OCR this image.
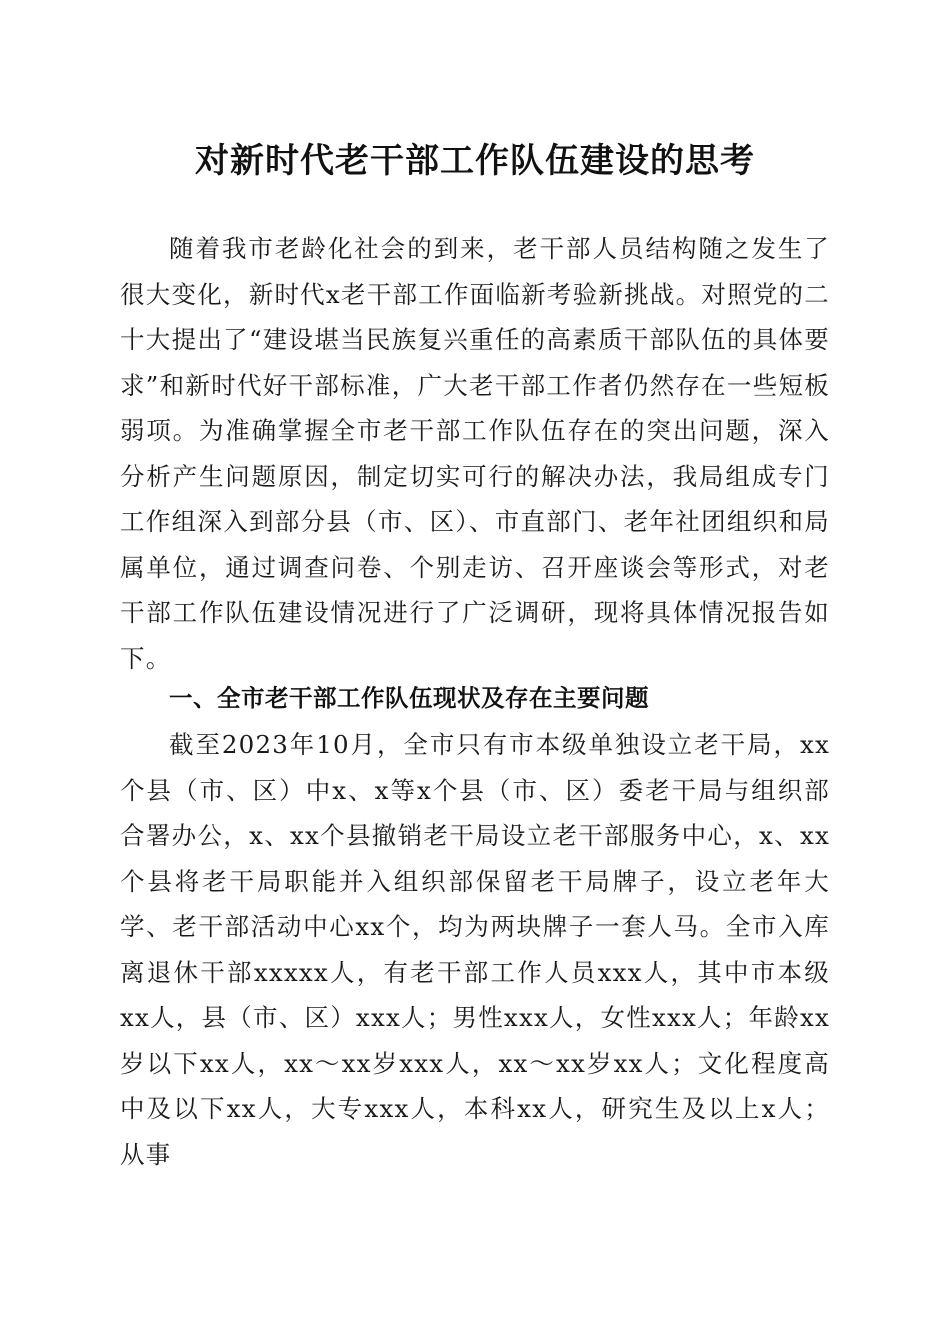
对新时代老干部工作队伍建设的思考

随着我市老龄化社会的到来，老干部人员结构随之发生了很大变化，新时代x老干部工作面临新考验新挑战。对照党的二十大提出了“建设堪当民族复兴重任的高素质干部队伍的具体要求”和新时代好干部标准，广大老干部工作者仍然存在一些短板弱项。为准确掌握全市老干部工作队伍存在的突出问题，深入分析产生问题原因，制定切实可行的解决办法，我局组成专门工作组深入到部分县（市、区）、市直部门、老年社团组织和局属单位，通过调查问卷、个别走访、召开座谈会等形式，对老干部工作队伍建设情况进行了广泛调研，现将具体情况报告如下。

一、全市老干部工作队伍现状及存在主要问题

截至2023年10月，全市只有市本级单独设立老干局，xx个县（市、区）中x、x等x个县（市、区）委老干局与组织部合署办公，x、xx个县撤销老干局设立老干部服务中心，x、xx个县将老干局职能并入组织部保留老干局牌子，设立老年大学、老干部活动中心xx个，均为两块牌子一套人马。全市入库离退休干部xxxxx人，有老干部工作人员xxx人，其中市本级xx人，县（市、区）xxx人；男性xxx人，女性xxx人；年龄xx岁以下xx人，xx～xx岁xxx人，xx～xx岁xx人；文化程度高中及以下xx人，大专xxx人，本科xx人，研究生及以上x人；从事
